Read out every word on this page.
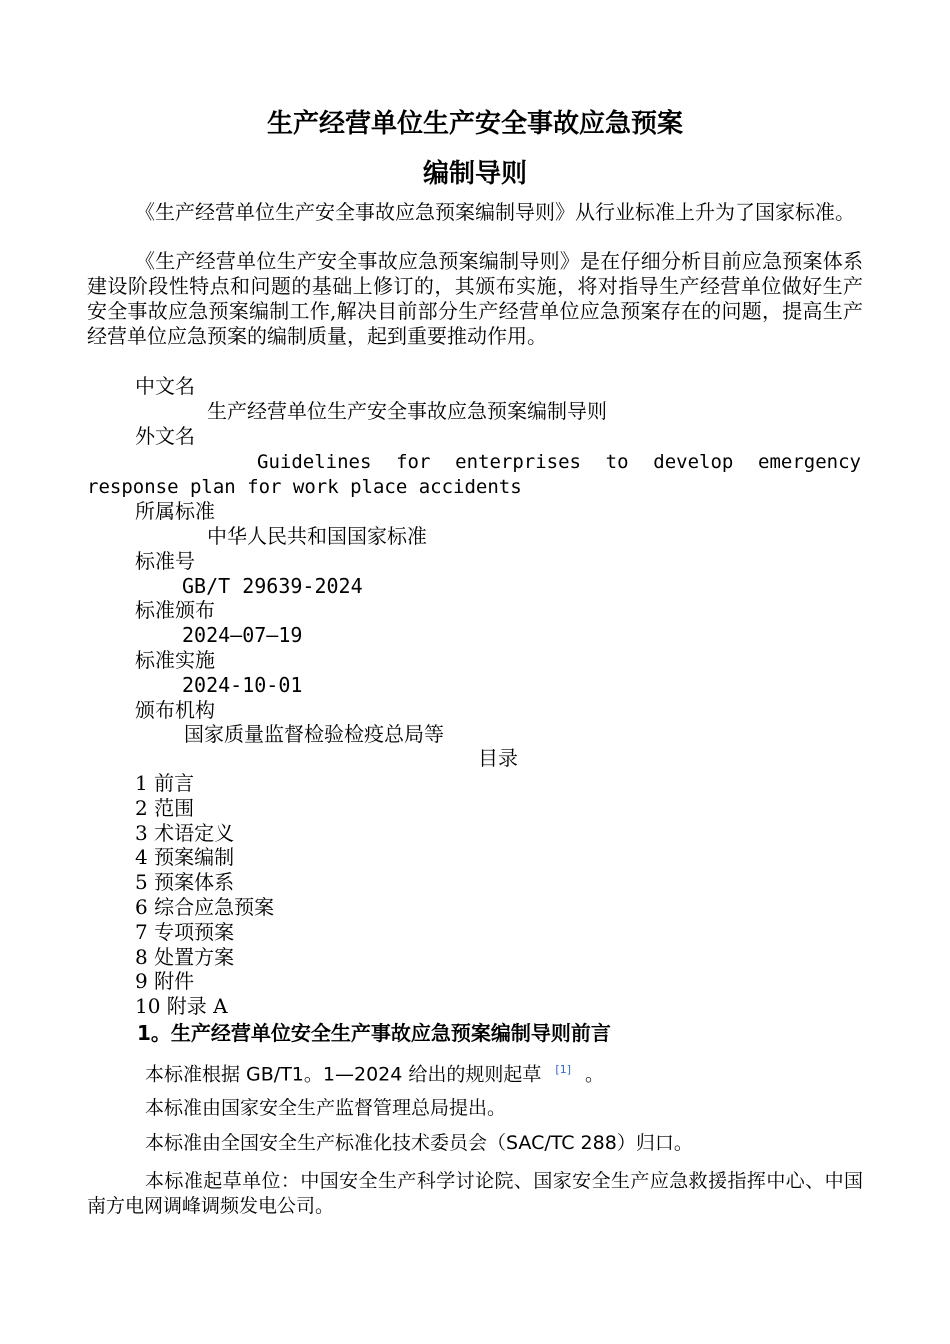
生产经营单位生产安全事故应急预案
编制导则

《生产经营单位生产安全事故应急预案编制导则》从行业标准上升为了国家标准。

《生产经营单位生产安全事故应急预案编制导则》是在仔细分析目前应急预案体系建设阶段性特点和问题的基础上修订的，其颁布实施，将对指导生产经营单位做好生产安全事故应急预案编制工作,解决目前部分生产经营单位应急预案存在的问题，提高生产经营单位应急预案的编制质量，起到重要推动作用。

中文名
生产经营单位生产安全事故应急预案编制导则
外文名

Guidelines for enterprises to develop emergency response plan for work place accidents

所属标准
中华人民共和国国家标准
标准号
GB/T 29639-2024
标准颁布
2024—07—19
标准实施
2024-10-01
颁布机构
国家质量监督检验检疫总局等
目录
1 前言
2 范围
3 术语定义
4 预案编制
5 预案体系
6 综合应急预案
7 专项预案
8 处置方案
9 附件
10 附录 A
1。生产经营单位安全生产事故应急预案编制导则前言
本标准根据 GB/T1。1—2024 给出的规则起草 [1] 。
本标准由国家安全生产监督管理总局提出。
本标准由全国安全生产标准化技术委员会（SAC/TC 288）归口。

本标准起草单位：中国安全生产科学讨论院、国家安全生产应急救援指挥中心、中国南方电网调峰调频发电公司。
